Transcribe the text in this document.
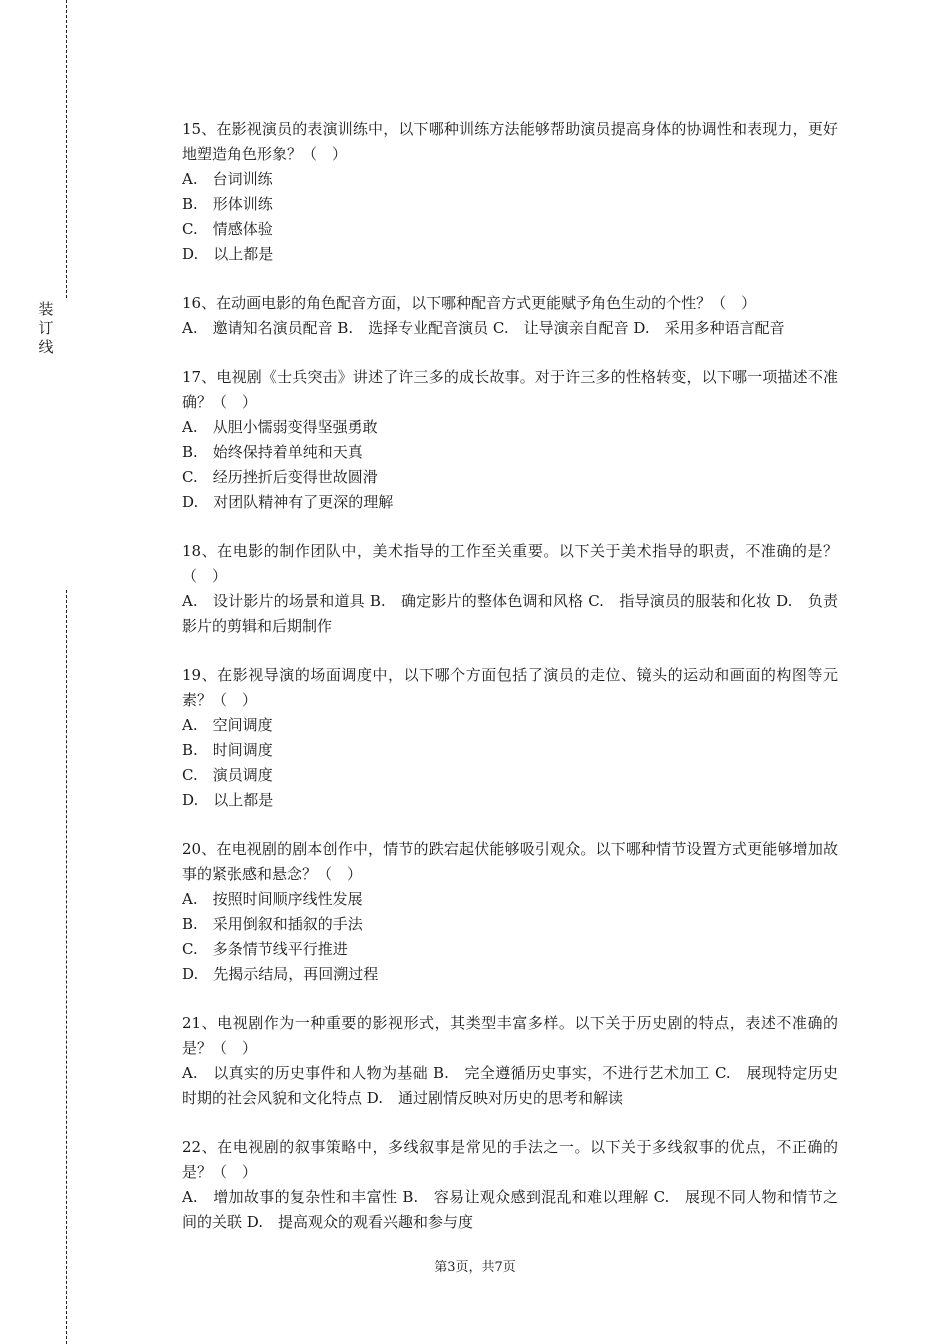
装
订
线

15、在影视演员的表演训练中，以下哪种训练方法能够帮助演员提高身体的协调性和表现力，更好地塑造角色形象？（　）

A.　台词训练

B.　形体训练

C.　情感体验

D.　以上都是

16、在动画电影的角色配音方面，以下哪种配音方式更能赋予角色生动的个性？（　）

A.　邀请知名演员配音 B.　选择专业配音演员 C.　让导演亲自配音 D.　采用多种语言配音

17、电视剧《士兵突击》讲述了许三多的成长故事。对于许三多的性格转变，以下哪一项描述不准确？（　）

A.　从胆小懦弱变得坚强勇敢

B.　始终保持着单纯和天真

C.　经历挫折后变得世故圆滑

D.　对团队精神有了更深的理解

18、在电影的制作团队中，美术指导的工作至关重要。以下关于美术指导的职责，不准确的是？（　）

A.　设计影片的场景和道具 B.　确定影片的整体色调和风格 C.　指导演员的服装和化妆 D.　负责影片的剪辑和后期制作

19、在影视导演的场面调度中，以下哪个方面包括了演员的走位、镜头的运动和画面的构图等元素？（　）

A.　空间调度

B.　时间调度

C.　演员调度

D.　以上都是

20、在电视剧的剧本创作中，情节的跌宕起伏能够吸引观众。以下哪种情节设置方式更能够增加故事的紧张感和悬念？（　）

A.　按照时间顺序线性发展

B.　采用倒叙和插叙的手法

C.　多条情节线平行推进

D.　先揭示结局，再回溯过程

21、电视剧作为一种重要的影视形式，其类型丰富多样。以下关于历史剧的特点，表述不准确的是？（　）

A.　以真实的历史事件和人物为基础 B.　完全遵循历史事实，不进行艺术加工 C.　展现特定历史时期的社会风貌和文化特点 D.　通过剧情反映对历史的思考和解读

22、在电视剧的叙事策略中，多线叙事是常见的手法之一。以下关于多线叙事的优点，不正确的是？（　）

A.　增加故事的复杂性和丰富性 B.　容易让观众感到混乱和难以理解 C.　展现不同人物和情节之间的关联 D.　提高观众的观看兴趣和参与度

第3页，共7页
